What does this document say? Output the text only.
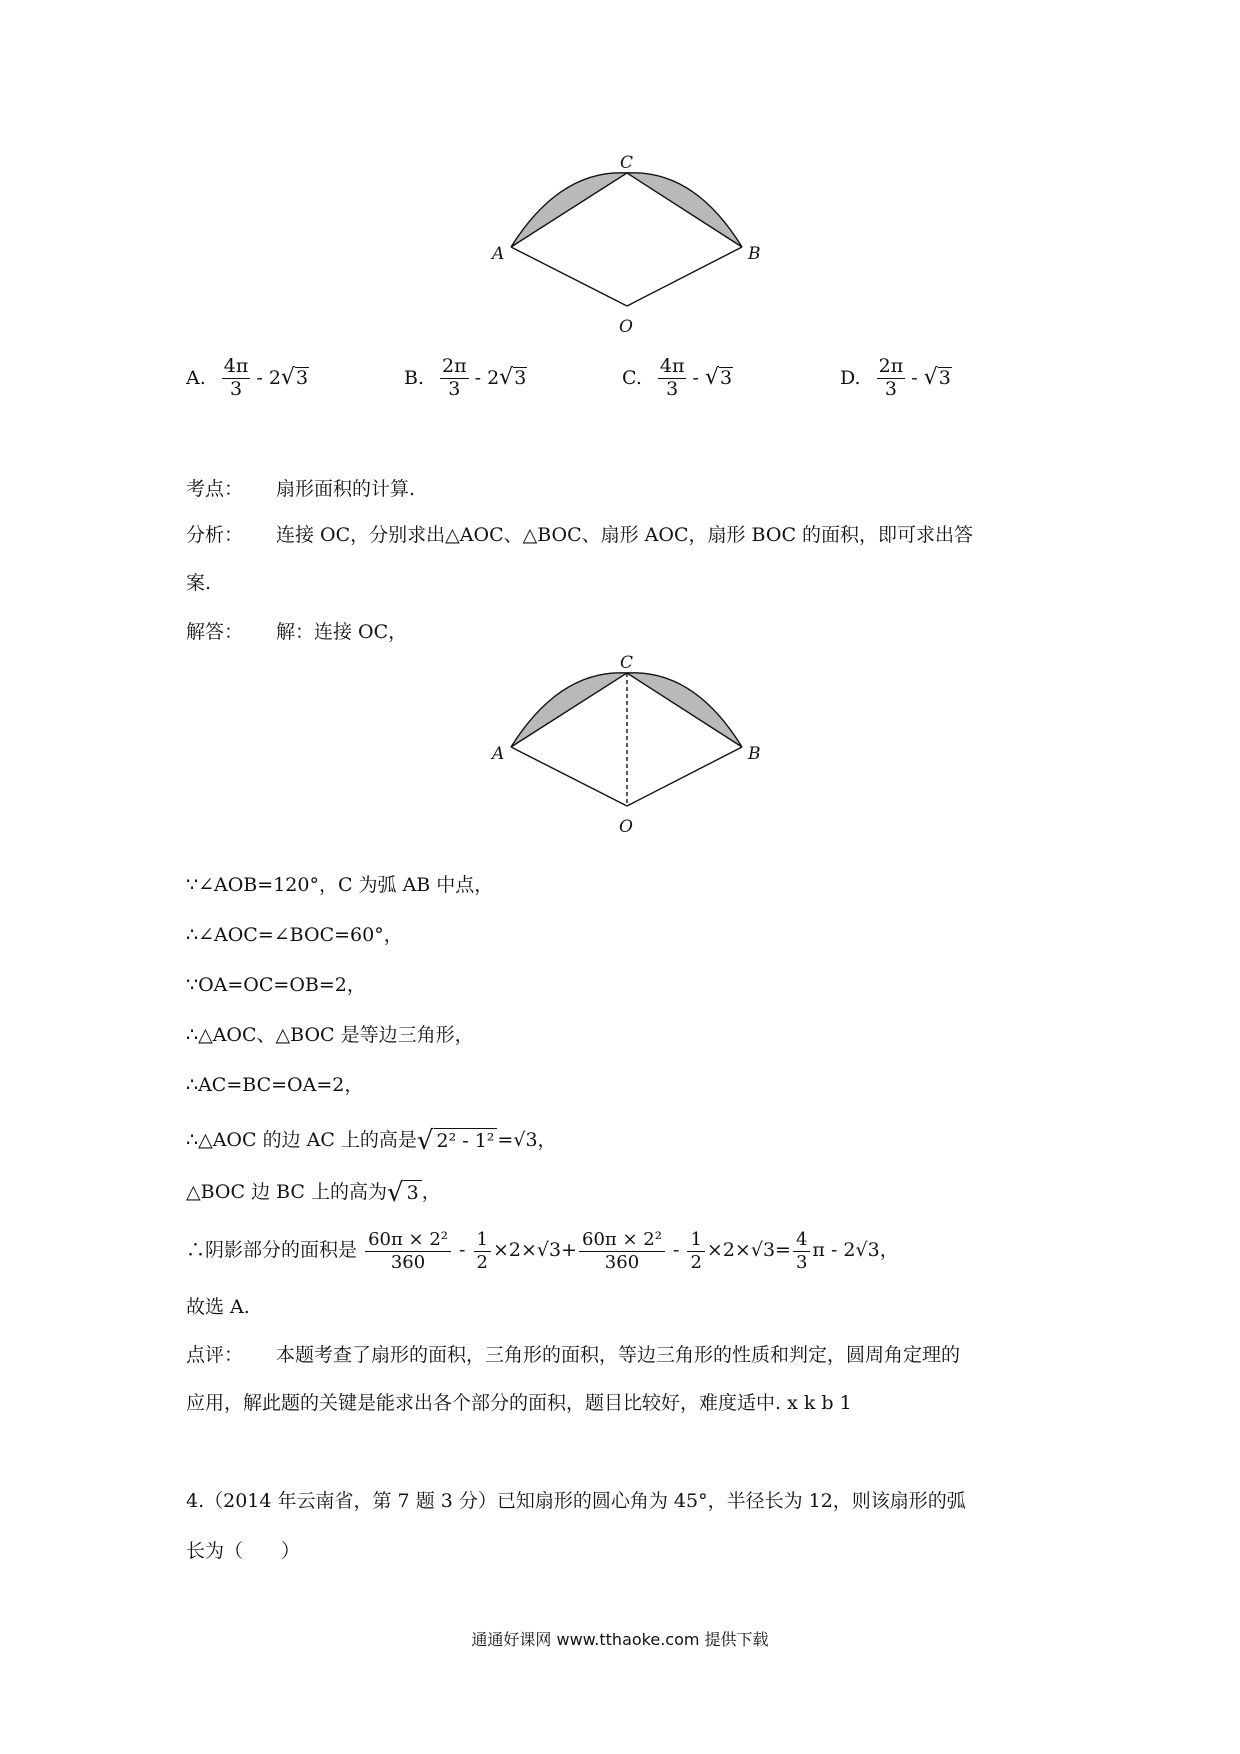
C
A	B
O
A. $\frac{4\pi}{3}$ -
2 √ 3	B. $\frac{2\pi}{3}$ -
2 √ 3	C. $\frac{4\pi}{3}$ -
√ 3	D. $\frac{2\pi}{3}$ -
√ 3
考点： 扇形面积的计算.
分析： 连接 OC，分别求出△AOC、△BOC、扇形 AOC，扇形 BOC 的面积，即可求出答
案.
解答： 解：连接 OC，
C
A	B
O
∵∠AOB=120°，C 为弧 AB 中点，
∴∠AOC=∠BOC=60°，
∵OA=OC=OB=2，
∴△AOC、△BOC 是等边三角形，
∴AC=BC=OA=2，
∴△AOC 的边 AC 上的高是 √ 2² - 1² =√3，
△BOC 边 BC 上的高为 √ 3 ，
∴阴影部分的面积是 $\frac{\text{60π × 2²}}{360} - \frac{1}{2} \times 2\times√3+ \frac{\text{60π × 2²}}{360} - \frac{1}{2} \times 2\times√3= \frac{4}{3}$ π - 2√3，
故选 A.
点评： 本题考查了扇形的面积，三角形的面积，等边三角形的性质和判定，圆周角定理的
应用，解此题的关键是能求出各个部分的面积，题目比较好，难度适中. x k b 1
4.（2014 年云南省，第 7 题 3 分）已知扇形的圆心角为 45°，半径长为 12，则该扇形的弧
长为（　　）
通通好课网 www.tthaoke.com 提供下载
